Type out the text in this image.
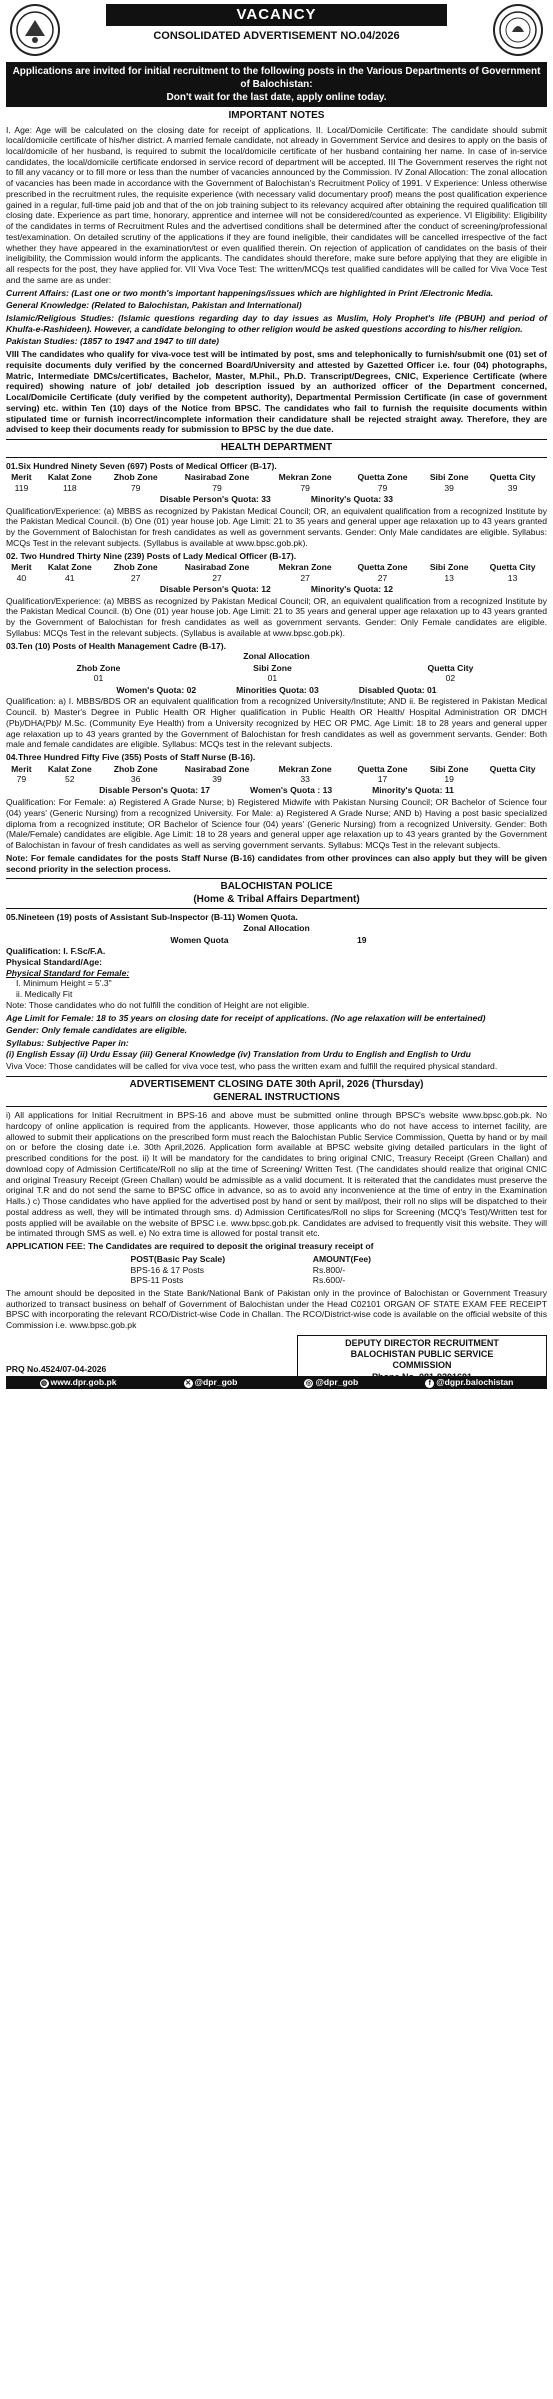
VACANCY
CONSOLIDATED ADVERTISEMENT NO.04/2026
Applications are invited for initial recruitment to the following posts in the Various Departments of Government of Balochistan:
Don't wait for the last date, apply online today.
IMPORTANT NOTES
I. Age: Age will be calculated on the closing date for receipt of applications. II. Local/Domicile Certificate: The candidate should submit local/domicile certificate of his/her district. A married female candidate, not already in Government Service and desires to apply on the basis of local/domicile of her husband, is required to submit the local/domicile certificate of her husband containing her name. In case of in-service candidates, the local/domicile certificate endorsed in service record of department will be accepted. III The Government reserves the right not to fill any vacancy or to fill more or less than the number of vacancies announced by the Commission. IV Zonal Allocation: The zonal allocation of vacancies has been made in accordance with the Government of Balochistan's Recruitment Policy of 1991. V Experience: Unless otherwise prescribed in the recruitment rules, the requisite experience (with necessary valid documentary proof) means the post qualification experience gained in a regular, full-time paid job and that of the on job training subject to its relevancy acquired after obtaining the required qualification till closing date. Experience as part time, honorary, apprentice and internee will not be considered/counted as experience. VI Eligibility: Eligibility of the candidates in terms of Recruitment Rules and the advertised conditions shall be determined after the conduct of screening/professional test/examination. On detailed scrutiny of the applications if they are found ineligible, their candidates will be cancelled irrespective of the fact whether they have appeared in the examination/test or even qualified therein. On rejection of application of candidates on the basis of their ineligibility, the Commission would inform the applicants. The candidates should therefore, make sure before applying that they are eligible in all respects for the post, they have applied for. VII Viva Voce Test: The written/MCQs test qualified candidates will be called for Viva Voce Test and the same are as under:
Current Affairs: (Last one or two month's important happenings/issues which are highlighted in Print /Electronic Media.
General Knowledge: (Related to Balochistan, Pakistan and International)
Islamic/Religious Studies: (Islamic questions regarding day to day issues as Muslim, Holy Prophet's life (PBUH) and period of Khulfa-e-Rashideen). However, a candidate belonging to other religion would be asked questions according to his/her religion.
Pakistan Studies: (1857 to 1947 and 1947 to till date)
VIII The candidates who qualify for viva-voce test will be intimated by post, sms and telephonically to furnish/submit one (01) set of requisite documents duly verified by the concerned Board/University and attested by Gazetted Officer i.e. four (04) photographs, Matric, Intermediate DMCs/certificates, Bachelor, Master, M.Phil., Ph.D. Transcript/Degrees, CNIC, Experience Certificate (where required) showing nature of job/ detailed job description issued by an authorized officer of the Department concerned, Local/Domicile Certificate (duly verified by the competent authority), Departmental Permission Certificate (in case of government serving) etc. within Ten (10) days of the Notice from BPSC. The candidates who fail to furnish the requisite documents within stipulated time or furnish incorrect/incomplete information their candidature shall be rejected straight away. Therefore, they are advised to keep their documents ready for submission to BPSC by the due date.
HEALTH DEPARTMENT
01.Six Hundred Ninety Seven (697) Posts of Medical Officer (B-17).
Merit	Kalat Zone	Zhob Zone	Nasirabad Zone	Mekran Zone	Quetta Zone	Sibi Zone	Quetta City
119	118	79	79	79	79	39	39
Disable Person's Quota: 33	Minority's Quota: 33
Qualification/Experience: (a) MBBS as recognized by Pakistan Medical Council; OR, an equivalent qualification from a recognized Institute by the Pakistan Medical Council. (b) One (01) year house job. Age Limit: 21 to 35 years and general upper age relaxation up to 43 years granted by the Government of Balochistan for fresh candidates as well as government servants. Gender: Only Male candidates are eligible. Syllabus: MCQs Test in the relevant subjects. (Syllabus is available at www.bpsc.gob.pk).
02. Two Hundred Thirty Nine (239) Posts of Lady Medical Officer (B-17).
Merit	Kalat Zone	Zhob Zone	Nasirabad Zone	Mekran Zone	Quetta Zone	Sibi Zone	Quetta City
40	41	27	27	27	27	13	13
Disable Person's Quota: 12	Minority's Quota: 12
Qualification/Experience: (a) MBBS as recognized by Pakistan Medical Council; OR, an equivalent qualification from a recognized Institute by the Pakistan Medical Council. (b) One (01) year house job. Age Limit: 21 to 35 years and general upper age relaxation up to 43 years granted by the Government of Balochistan for fresh candidates as well as government servants. Gender: Only Female candidates are eligible. Syllabus: MCQs Test in the relevant subjects. (Syllabus is available at www.bpsc.gob.pk).
03.Ten (10) Posts of Health Management Cadre (B-17).
Zonal Allocation
Zhob Zone	Sibi Zone	Quetta City
01	01	02
Women's Quota: 02	Minorities Quota: 03	Disabled Quota: 01
Qualification: a) I. MBBS/BDS OR an equivalent qualification from a recognized University/Institute; AND ii. Be registered in Pakistan Medical Council. b) Master's Degree in Public Health OR Higher qualification in Public Health OR Health/ Hospital Administration OR DMCH (Pb)/DHA(Pb)/ M.Sc. (Community Eye Health) from a University recognized by HEC OR PMC. Age Limit: 18 to 28 years and general upper age relaxation up to 43 years granted by the Government of Balochistan for fresh candidates as well as government servants. Gender: Both male and female candidates are eligible. Syllabus: MCQs test in the relevant subjects.
04.Three Hundred Fifty Five (355) Posts of Staff Nurse (B-16).
Merit	Kalat Zone	Zhob Zone	Nasirabad Zone	Mekran Zone	Quetta Zone	Sibi Zone	Quetta City
79	52	36	39	33	17	19	
Disable Person's Quota: 17	Women's Quota : 13	Minority's Quota: 11
Qualification: For Female: a) Registered A Grade Nurse; b) Registered Midwife with Pakistan Nursing Council; OR Bachelor of Science four (04) years' (Generic Nursing) from a recognized University. For Male: a) Registered A Grade Nurse; AND b) Having a post basic specialized diploma from a recognized institute; OR Bachelor of Science four (04) years' (Generic Nursing) from a recognized University. Gender: Both (Male/Female) candidates are eligible. Age Limit: 18 to 28 years and general upper age relaxation up to 43 years granted by the Government of Balochistan in favour of fresh candidates as well as serving government servants. Syllabus: MCQs Test in the relevant subjects.
Note: For female candidates for the posts Staff Nurse (B-16) candidates from other provinces can also apply but they will be given second priority in the selection process.
BALOCHISTAN POLICE
(Home & Tribal Affairs Department)
05.Nineteen (19) posts of Assistant Sub-Inspector (B-11) Women Quota.
Zonal Allocation
Women Quota	19
Qualification: I. F.Sc/F.A.
Physical Standard/Age:
Physical Standard for Female:
I. Minimum Height = 5'.3"
ii. Medically Fit
Note: Those candidates who do not fulfill the condition of Height are not eligible.
Age Limit for Female: 18 to 35 years on closing date for receipt of applications. (No age relaxation will be entertained)
Gender: Only female candidates are eligible.
Syllabus: Subjective Paper in:
(i) English Essay (ii) Urdu Essay (iii) General Knowledge (iv) Translation from Urdu to English and English to Urdu
Viva Voce: Those candidates will be called for viva voce test, who pass the written exam and fulfill the required physical standard.
ADVERTISEMENT CLOSING DATE 30th April, 2026 (Thursday)
GENERAL INSTRUCTIONS
i) All applications for Initial Recruitment in BPS-16 and above must be submitted online through BPSC's website www.bpsc.gob.pk. No hardcopy of online application is required from the applicants. However, those applicants who do not have access to internet facility, are allowed to submit their applications on the prescribed form must reach the Balochistan Public Service Commission, Quetta by hand or by mail on or before the closing date i.e. 30th April,2026. Application form available at BPSC website giving detailed particulars in the light of prescribed conditions for the post. ii) It will be mandatory for the candidates to bring original CNIC, Treasury Receipt (Green Challan) and download copy of Admission Certificate/Roll no slip at the time of Screening/ Written Test. (The candidates should realize that original CNIC and original Treasury Receipt (Green Challan) would be admissible as a valid document. It is reiterated that the candidates must preserve the original T.R and do not send the same to BPSC office in advance, so as to avoid any inconvenience at the time of entry in the Examination Halls.) c) Those candidates who have applied for the advertised post by hand or sent by mail/post, their roll no slips will be dispatched to their postal address as well, they will be intimated through sms. d) Admission Certificates/Roll no slips for Screening (MCQ's Test)/Written test for posts applied will be available on the website of BPSC i.e. www.bpsc.gob.pk. Candidates are advised to frequently visit this website. They will be intimated through SMS as well. e) No extra time is allowed for postal transit etc.
APPLICATION FEE: The Candidates are required to deposit the original treasury receipt of
POST(Basic Pay Scale)	AMOUNT(Fee)
BPS-16 & 17 Posts	Rs.800/-
BPS-11 Posts	Rs.600/-
The amount should be deposited in the State Bank/National Bank of Pakistan only in the province of Balochistan or Government Treasury authorized to transact business on behalf of Government of Balochistan under the Head C02101 ORGAN OF STATE EXAM FEE RECEIPT BPSC with incorporating the relevant RCO/District-wise Code in Challan. The RCO/District-wise code is available on the official website of this Commission i.e. www.bpsc.gob.pk
DEPUTY DIRECTOR RECRUITMENT
BALOCHISTAN PUBLIC SERVICE
COMMISSION
PRQ No.4524/07-04-2026
◍ www.dpr.gob.pk	✕ @dpr_gob	◎ @dpr_gob	f @dgpr.balochistan
